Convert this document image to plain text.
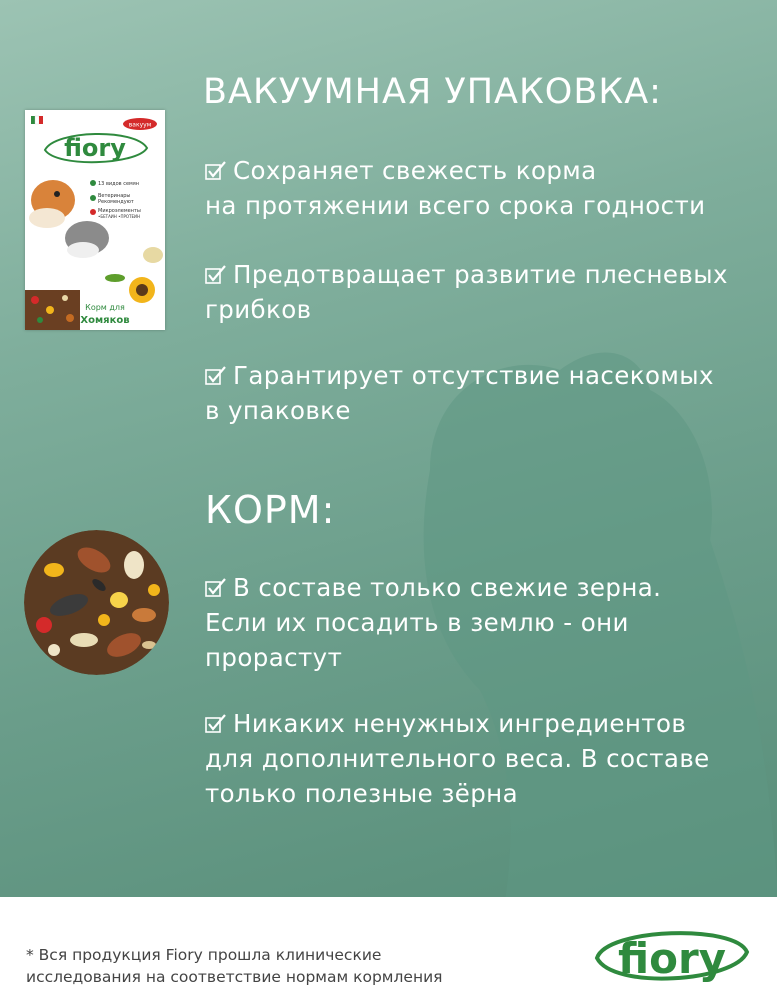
ВАКУУМНАЯ УПАКОВКА:
Сохраняет свежесть корма
на протяжении всего срока годности
Предотвращает развитие плесневых
грибков
Гарантирует отсутствие насекомых
в упаковке
КОРМ:
В составе только свежие зерна.
Если их посадить в землю - они
прорастут
Никаких ненужных ингредиентов
для дополнительного веса. В составе
только полезные зёрна
вакуум
fiory
13 видов семян
Ветеринары
Рекомендуют
Микроэлементы
•БЕТАИН •ПРОТЕИН
Корм для
Хомяков
* Вся продукция Fiory прошла клинические
исследования на соответствие нормам кормления	fiory
